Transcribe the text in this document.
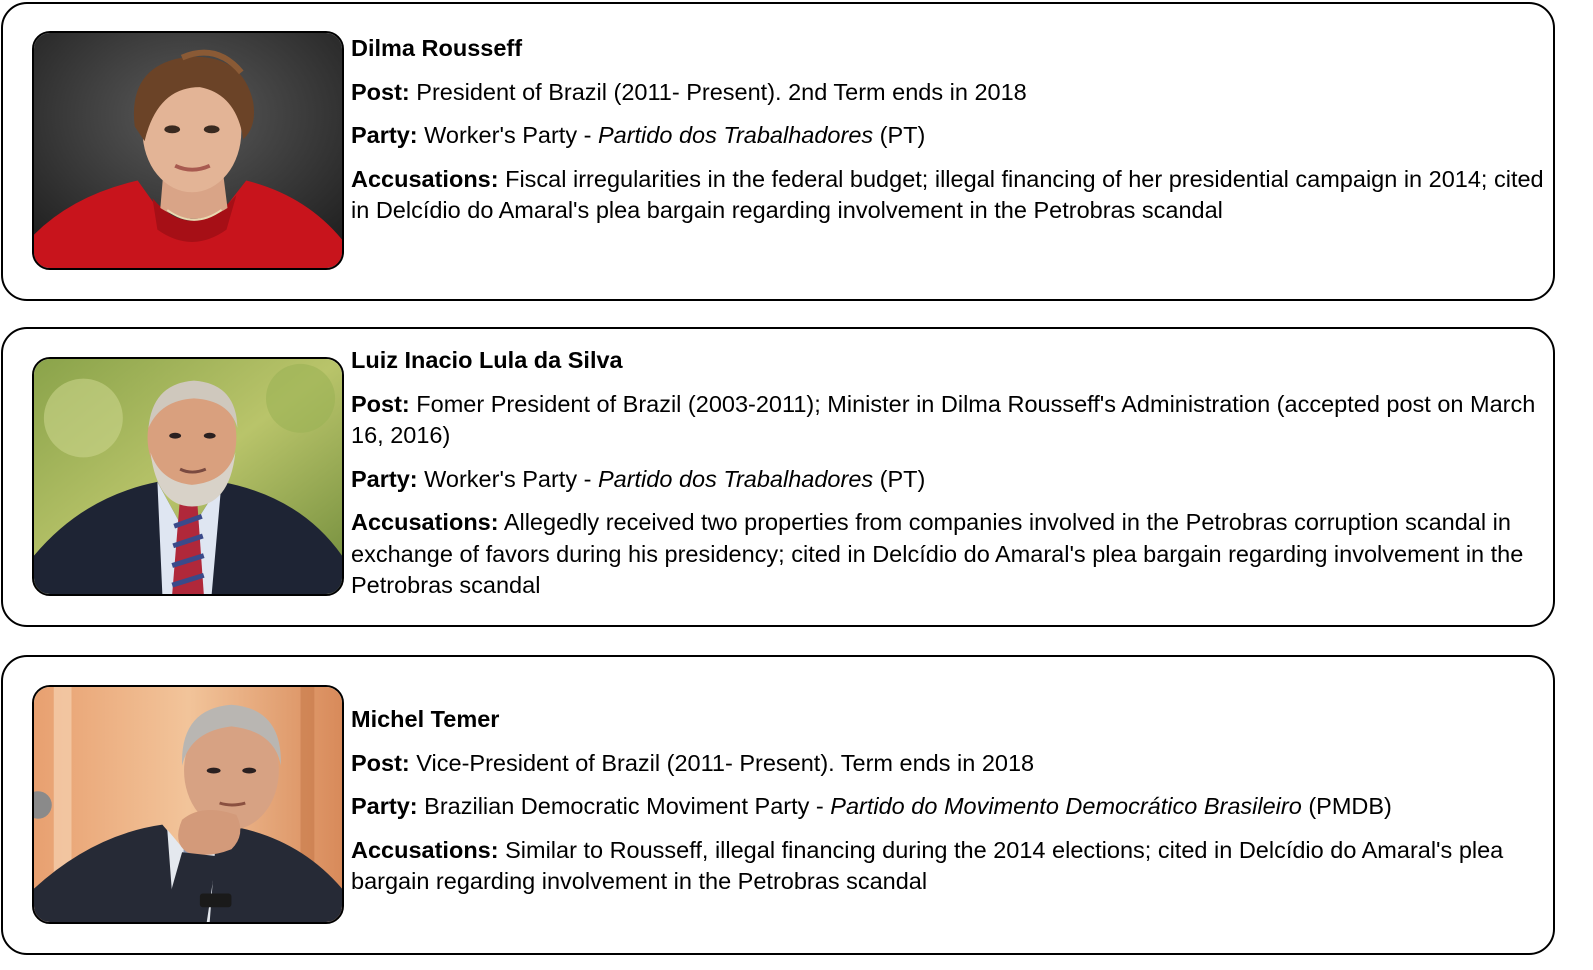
Dilma Rousseff

Post: President of Brazil (2011- Present). 2nd Term ends in 2018

Party: Worker's Party - Partido dos Trabalhadores (PT)

Accusations: Fiscal irregularities in the federal budget; illegal financing of her presidential campaign in 2014; cited in Delcídio do Amaral's plea bargain regarding involvement in the Petrobras scandal

Luiz Inacio Lula da Silva

Post: Fomer President of Brazil (2003-2011); Minister in Dilma Rousseff's Administration (accepted post on March 16, 2016)

Party: Worker's Party - Partido dos Trabalhadores (PT)

Accusations: Allegedly received two properties from companies involved in the Petrobras corruption scandal in exchange of favors during his presidency; cited in Delcídio do Amaral's plea bargain regarding involvement in the Petrobras scandal

Michel Temer

Post: Vice-President of Brazil (2011- Present). Term ends in 2018

Party: Brazilian Democratic Moviment Party - Partido do Movimento Democrático Brasileiro (PMDB)

Accusations: Similar to Rousseff, illegal financing during the 2014 elections; cited in Delcídio do Amaral's plea bargain regarding involvement in the Petrobras scandal
